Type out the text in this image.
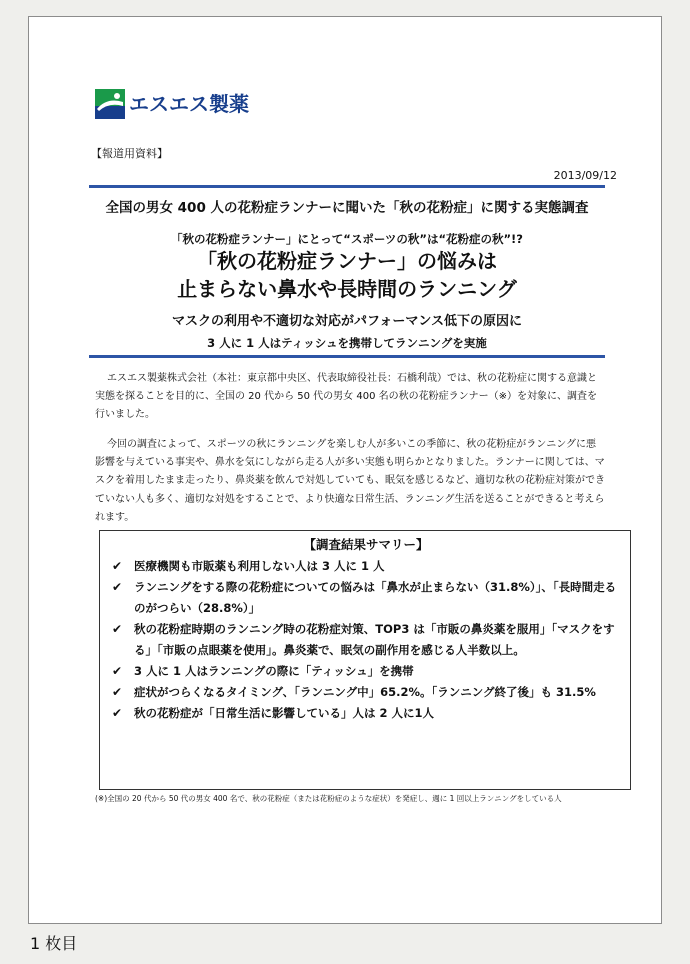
エスエス製薬
【報道用資料】
2013/09/12
全国の男女 400 人の花粉症ランナーに聞いた「秋の花粉症」に関する実態調査
「秋の花粉症ランナー」にとって“スポーツの秋”は“花粉症の秋”!?
「秋の花粉症ランナー」の悩みは
止まらない鼻水や長時間のランニング
マスクの利用や不適切な対応がパフォーマンス低下の原因に
3 人に 1 人はティッシュを携帯してランニングを実施

エスエス製薬株式会社（本社：東京都中央区、代表取締役社長：石橋利哉）では、秋の花粉症に関する意識と実態を探ることを目的に、全国の 20 代から 50 代の男女 400 名の秋の花粉症ランナー（※）を対象に、調査を行いました。

今回の調査によって、スポーツの秋にランニングを楽しむ人が多いこの季節に、秋の花粉症がランニングに悪影響を与えている事実や、鼻水を気にしながら走る人が多い実態も明らかとなりました。ランナーに関しては、マスクを着用したまま走ったり、鼻炎薬を飲んで対処していても、眠気を感じるなど、適切な秋の花粉症対策ができていない人も多く、適切な対処をすることで、より快適な日常生活、ランニング生活を送ることができると考えられます。

【調査結果サマリー】
✔ 医療機関も市販薬も利用しない人は 3 人に 1 人
✔ ランニングをする際の花粉症についての悩みは「鼻水が止まらない（31.8%）」、「長時間走るのがつらい（28.8%）」
✔ 秋の花粉症時期のランニング時の花粉症対策、TOP3 は「市販の鼻炎薬を服用」「マスクをする」「市販の点眼薬を使用」。鼻炎薬で、眠気の副作用を感じる人半数以上。
✔ 3 人に 1 人はランニングの際に「ティッシュ」を携帯
✔ 症状がつらくなるタイミング、「ランニング中」65.2%。「ランニング終了後」も 31.5%
✔ 秋の花粉症が「日常生活に影響している」人は 2 人に1人
(※)全国の 20 代から 50 代の男女 400 名で、秋の花粉症（または花粉症のような症状）を発症し、週に 1 回以上ランニングをしている人
1 枚目
